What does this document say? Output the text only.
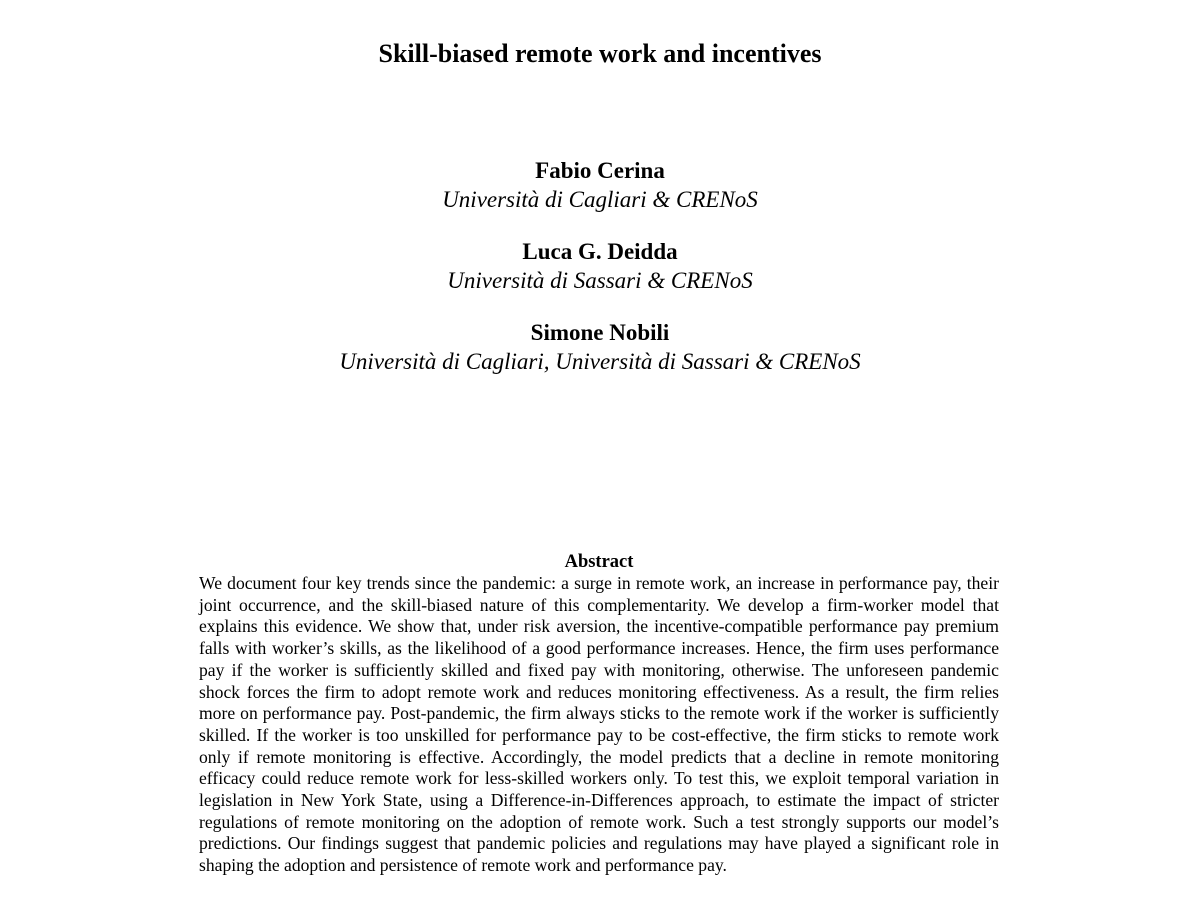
Skill-biased remote work and incentives

Fabio Cerina

Università di Cagliari & CRENoS

Luca G. Deidda

Università di Sassari & CRENoS

Simone Nobili

Università di Cagliari, Università di Sassari & CRENoS

Abstract

We document four key trends since the pandemic: a surge in remote work, an increase in performance pay, their joint occurrence, and the skill-biased nature of this complementarity. We develop a firm-worker model that explains this evidence. We show that, under risk aversion, the incentive-compatible performance pay premium falls with worker’s skills, as the likelihood of a good performance increases. Hence, the firm uses performance pay if the worker is sufficiently skilled and fixed pay with monitoring, otherwise. The unforeseen pandemic shock forces the firm to adopt remote work and reduces monitoring effectiveness. As a result, the firm relies more on performance pay. Post-pandemic, the firm always sticks to the remote work if the worker is sufficiently skilled. If the worker is too unskilled for performance pay to be cost-effective, the firm sticks to remote work only if remote monitoring is effective. Accordingly, the model predicts that a decline in remote monitoring efficacy could reduce remote work for less-skilled workers only. To test this, we exploit temporal variation in legislation in New York State, using a Difference-in-Differences approach, to estimate the impact of stricter regulations of remote monitoring on the adoption of remote work. Such a test strongly supports our model’s predictions. Our findings suggest that pandemic policies and regulations may have played a significant role in shaping the adoption and persistence of remote work and performance pay.
